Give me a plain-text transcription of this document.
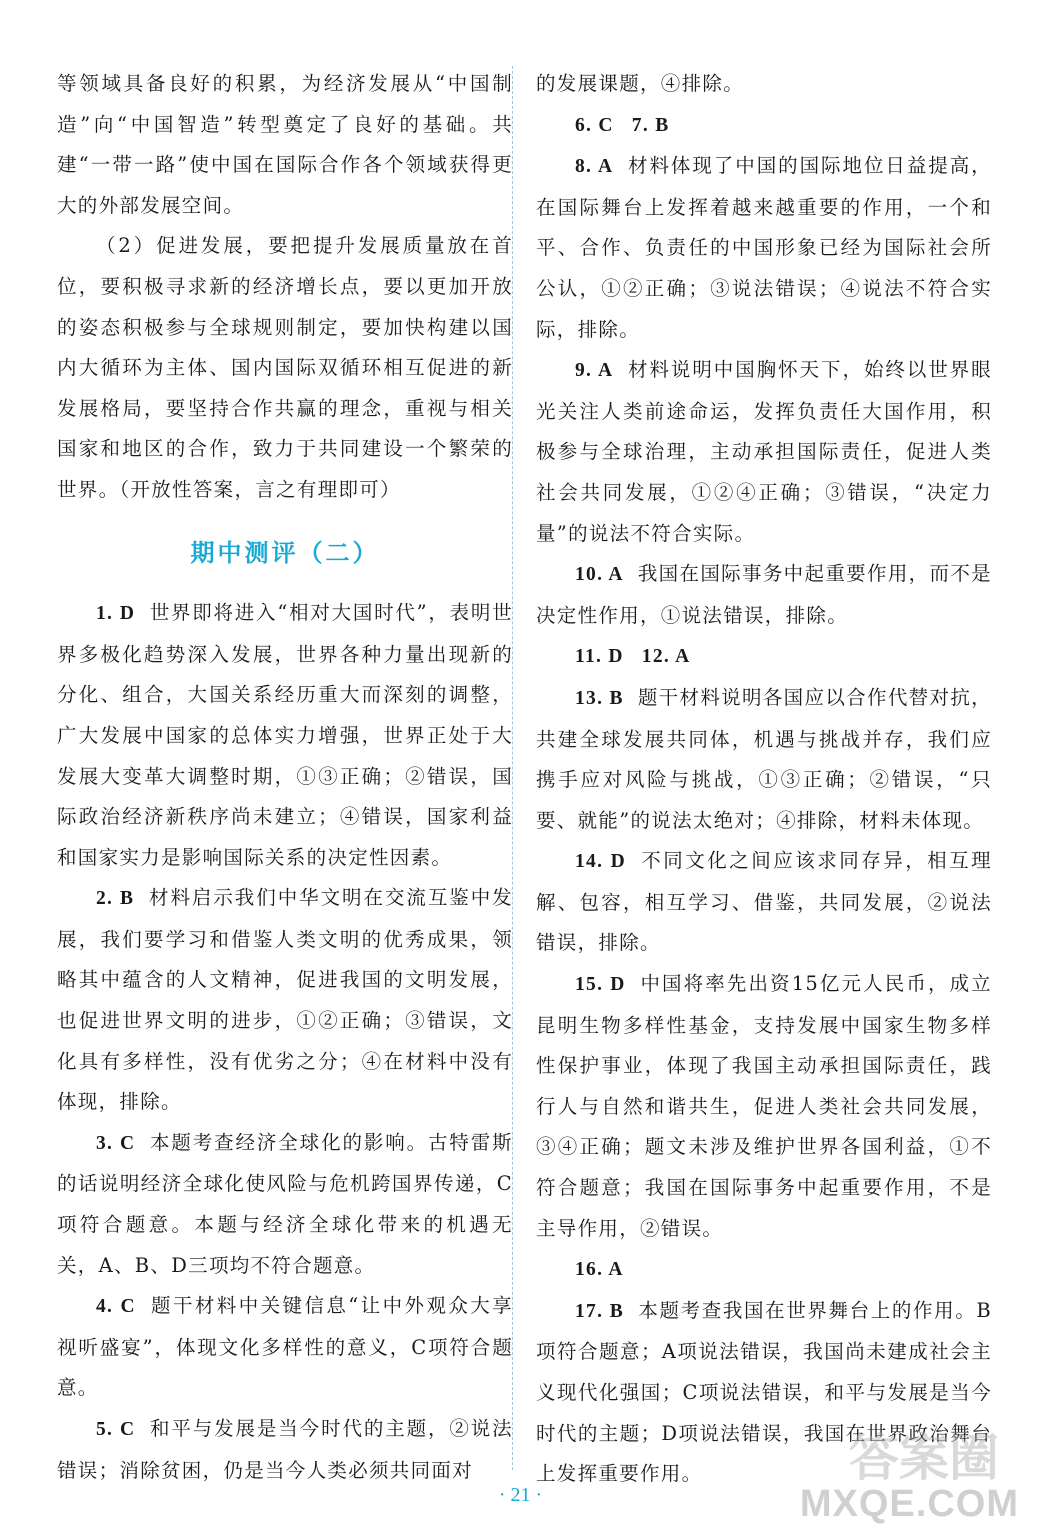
等领域具备良好的积累，为经济发展从“中国制造”向“中国智造”转型奠定了良好的基础。共建“一带一路”使中国在国际合作各个领域获得更大的外部发展空间。

（2）促进发展，要把提升发展质量放在首位，要积极寻求新的经济增长点，要以更加开放的姿态积极参与全球规则制定，要加快构建以国内大循环为主体、国内国际双循环相互促进的新发展格局，要坚持合作共赢的理念，重视与相关国家和地区的合作，致力于共同建设一个繁荣的世界。（开放性答案，言之有理即可）

期中测评（二）

1. D 世界即将进入“相对大国时代”，表明世界多极化趋势深入发展，世界各种力量出现新的分化、组合，大国关系经历重大而深刻的调整，广大发展中国家的总体实力增强，世界正处于大发展大变革大调整时期，①③正确；②错误，国际政治经济新秩序尚未建立；④错误，国家利益和国家实力是影响国际关系的决定性因素。

2. B 材料启示我们中华文明在交流互鉴中发展，我们要学习和借鉴人类文明的优秀成果，领略其中蕴含的人文精神，促进我国的文明发展，也促进世界文明的进步，①②正确；③错误，文化具有多样性，没有优劣之分；④在材料中没有体现，排除。

3. C 本题考查经济全球化的影响。古特雷斯的话说明经济全球化使风险与危机跨国界传递，C项符合题意。本题与经济全球化带来的机遇无关，A、B、D三项均不符合题意。

4. C 题干材料中关键信息“让中外观众大享视听盛宴”，体现文化多样性的意义，C项符合题意。

5. C 和平与发展是当今时代的主题，②说法错误；消除贫困，仍是当今人类必须共同面对

的发展课题，④排除。

6. C 7. B

8. A 材料体现了中国的国际地位日益提高，在国际舞台上发挥着越来越重要的作用，一个和平、合作、负责任的中国形象已经为国际社会所公认，①②正确；③说法错误；④说法不符合实际，排除。

9. A 材料说明中国胸怀天下，始终以世界眼光关注人类前途命运，发挥负责任大国作用，积极参与全球治理，主动承担国际责任，促进人类社会共同发展，①②④正确；③错误，“决定力量”的说法不符合实际。

10. A 我国在国际事务中起重要作用，而不是决定性作用，①说法错误，排除。

11. D 12. A

13. B 题干材料说明各国应以合作代替对抗，共建全球发展共同体，机遇与挑战并存，我们应携手应对风险与挑战，①③正确；②错误，“只要、就能”的说法太绝对；④排除，材料未体现。

14. D 不同文化之间应该求同存异，相互理解、包容，相互学习、借鉴，共同发展，②说法错误，排除。

15. D 中国将率先出资15亿元人民币，成立昆明生物多样性基金，支持发展中国家生物多样性保护事业，体现了我国主动承担国际责任，践行人与自然和谐共生，促进人类社会共同发展，③④正确；题文未涉及维护世界各国利益，①不符合题意；我国在国际事务中起重要作用，不是主导作用，②错误。

16. A

17. B 本题考查我国在世界舞台上的作用。B项符合题意；A项说法错误，我国尚未建成社会主义现代化强国；C项说法错误，和平与发展是当今时代的主题；D项说法错误，我国在世界政治舞台上发挥重要作用。

· 21 ·
答案圈
MXQE.COM
